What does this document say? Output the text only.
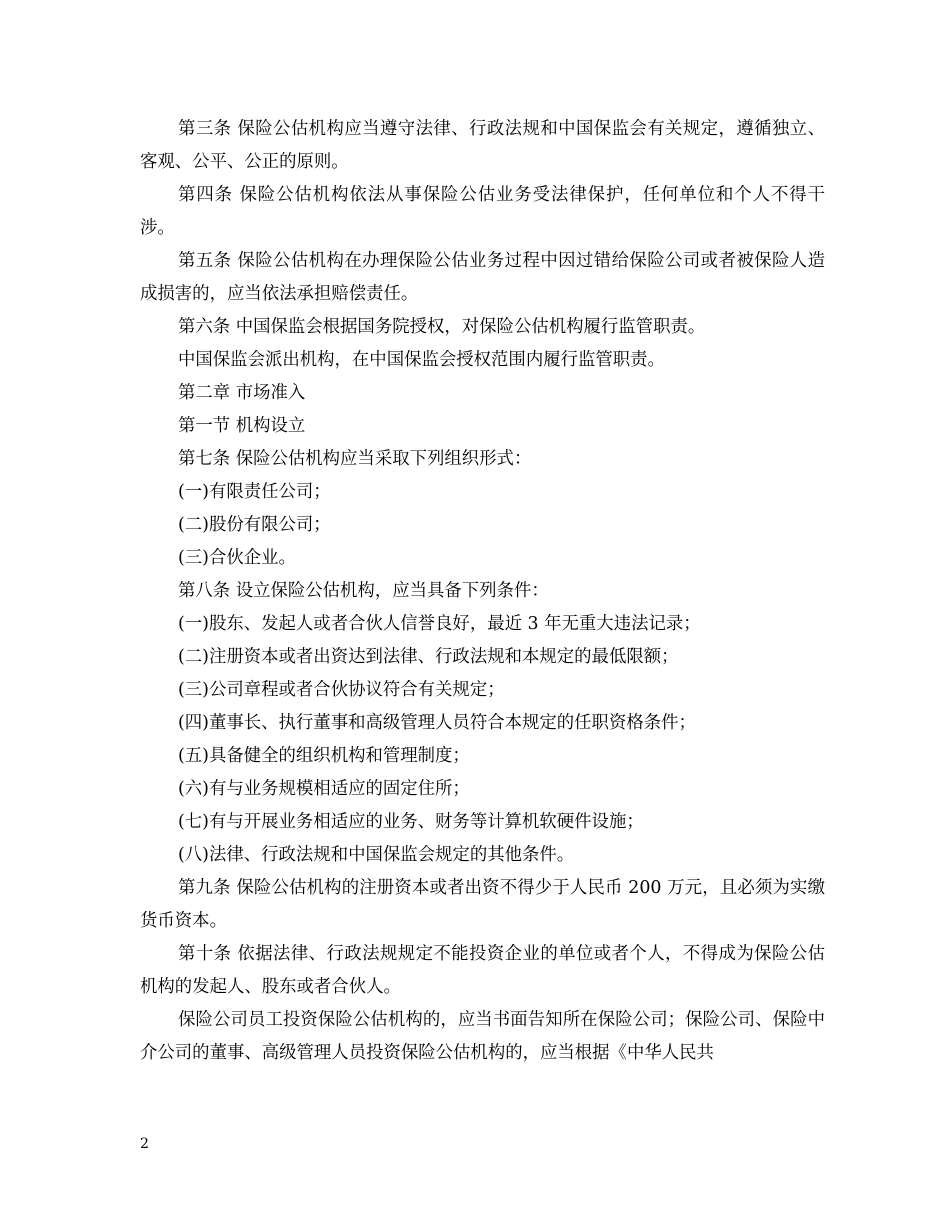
第三条 保险公估机构应当遵守法律、行政法规和中国保监会有关规定，遵循独立、客观、公平、公正的原则。

第四条 保险公估机构依法从事保险公估业务受法律保护，任何单位和个人不得干涉。

第五条 保险公估机构在办理保险公估业务过程中因过错给保险公司或者被保险人造成损害的，应当依法承担赔偿责任。

第六条 中国保监会根据国务院授权，对保险公估机构履行监管职责。

中国保监会派出机构，在中国保监会授权范围内履行监管职责。

第二章 市场准入

第一节 机构设立

第七条 保险公估机构应当采取下列组织形式：

(一)有限责任公司；

(二)股份有限公司；

(三)合伙企业。

第八条 设立保险公估机构，应当具备下列条件：

(一)股东、发起人或者合伙人信誉良好，最近 3 年无重大违法记录；

(二)注册资本或者出资达到法律、行政法规和本规定的最低限额；

(三)公司章程或者合伙协议符合有关规定；

(四)董事长、执行董事和高级管理人员符合本规定的任职资格条件；

(五)具备健全的组织机构和管理制度；

(六)有与业务规模相适应的固定住所；

(七)有与开展业务相适应的业务、财务等计算机软硬件设施；

(八)法律、行政法规和中国保监会规定的其他条件。

第九条 保险公估机构的注册资本或者出资不得少于人民币 200 万元，且必须为实缴货币资本。

第十条 依据法律、行政法规规定不能投资企业的单位或者个人，不得成为保险公估机构的发起人、股东或者合伙人。

保险公司员工投资保险公估机构的，应当书面告知所在保险公司；保险公司、保险中介公司的董事、高级管理人员投资保险公估机构的，应当根据《中华人民共

2
